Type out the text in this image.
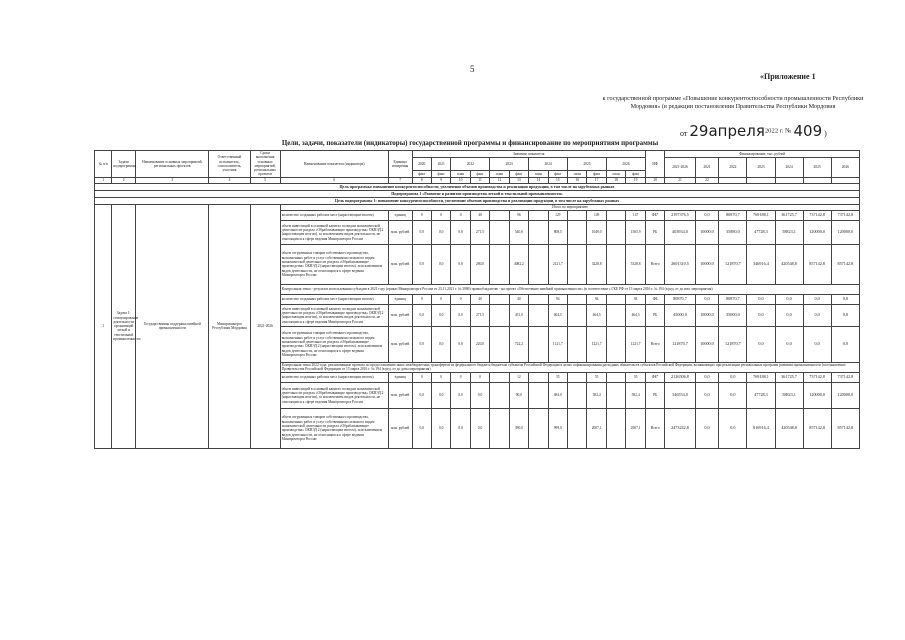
5
«Приложение 1
к государственной программе «Повышение конкурентоспособности промышленности Республики Мордовия» (в редакции постановления Правительства Республики Мордовия
от 29апреля$^{2022 г. №}$ 409 )
Цели, задачи, показатели (индикаторы) государственной программы и финансирование по мероприятиям программы
№ п/п	Задачи подпрограммы	Наименование основных мероприятий, региональных проектов	Ответственный исполнитель, соисполнитель, участник	Сроки выполнения основных мероприятий, региональных проектов	Наименование показателя (индикатора)	Единица измерения	Значение показателя												ИФ	Финансирование, тыс. рублей						
							2020	2021	2022		2023		2024		2025		2026			2021-2026	2021	2022	2023	2024	2025	2026
							факт	факт	план	факт	план	факт	план	факт	план	факт	план	факт								
1	2	3	4	5	6	7	8	9	10	11	12	13	14	15	16	17	18	19	20	21	22					
Цель программы: повышение конкурентоспособности, увеличение объемов производства и реализации продукции, в том числе на зарубежных рынках																										
Подпрограмма 1 «Развитие и развитие производства легкой и текстильной промышленности»																										
Цель подпрограммы 1: повышение конкурентоспособности, увеличение объемов производства и реализации продукции, в том числе на зарубежных рынках																										
1	Задача 1: стимулирование деятельности организаций легкой и текстильной промышленности	Государственная поддержка швейной промышленности	Минпромэнерго Республики Мордовия	2021-2026	Итого по мероприятию																					
					количество созданных рабочих мест (нарастающим итогом)	единиц	0	0	0	40		96		129		149		147	ФБ*	2197376,5	0,0	80870,7	769188,1	361725,7	737142,8	737142,8
					объем инвестиций в основной капитал по видам экономической деятельности раздела «Обрабатывающие производства» ОКВЭД 2 (нарастающим итогом), за исключением видов деятельности, не относящихся к сфере ведения Минпромторга России	млн. рублей	0,0	0,0	0,0	271,5		540,0		808,5		1049,0		1565,9	РБ	403934,0	10000,0	35880,0	47728,3	58823,1	120000,0	120000,0
					объем отгруженных товаров собственного производства, выполненных работ и услуг собственными силами по видам экономической деятельности раздела «Обрабатывающие производства» ОКВЭД 2 (нарастающим итогом), за исключением видов деятельности, не относящихся к сфере ведения Минпромторга России	млн. рублей	0,0	0,0	0,0	280,0		4082,2		2121,7		3228,8		5328,8	Всего	2601310,5	10000,0	121870,7	346916,4	420548,8	857142,8	857142,8
					Контрольная точка - результат использования субсидии в 2021 году (приказ Минпромторга России от 23.11.2021 г. № 3086) правообладателю - на проект «Обеспечение швейной промышленности» (в соответствии с ГКЕ РФ от 13 марта 2016 г. № 194 (в ред. от до изм. мероприятия)																					
					количество созданных рабочих мест (нарастающим итогом)	единиц	0	0	0	40		40		94		94		94	ФБ	80870,7	0,0	80870,7	0,0	0,0	0,0	0,0
					объем инвестиций в основной капитал по видам экономической деятельности раздела «Обрабатывающие производства» ОКВЭД 2 (нарастающим итогом), за исключением видов деятельности, не относящихся к сфере ведения Минпромторга России	млн. рублей	0,0	0,0	0,0	271,5		451,0		464,5		464,5		464,5	РБ	45000,0	10000,0	35000,0	0,0	0,0	0,0	0,0
					объем отгруженных товаров собственного производства, выполненных работ и услуг собственными силами по видам экономической деятельности раздела «Обрабатывающие производства» ОКВЭД 2 (нарастающим итогом), за исключением видов деятельности, не относящихся к сфере ведения Минпромторга России	млн. рублей	0,0	0,0	0,0	220,0		722,2		1121,7		1221,7		1221,7	Всего	121870,7	10000,0	121870,7	0,0	0,0	0,0	0,0
					Контрольная точка 2022 года: реализованные проекты по предоставлению иных межбюджетных трансфертов из федерального бюджета бюджетам субъектов Российской Федерации в целях софинансирования расходных обязательств субъектов Российской Федерации, возникающих при реализации региональных программ развития промышленности (постановление Правительства Российской Федерации от 15 марта 2016 г. № 194 (в ред. от до даты мероприятия)																					
					количество созданных рабочих мест (нарастающим итогом)	единиц	0	0	0	0		12		35		55		55	ФБ*	2126506,8	0,0	0,0	769188,1	361725,7	737142,8	737142,8
					объем инвестиций в основной капитал по видам экономической деятельности раздела «Обрабатывающие производства» ОКВЭД 2 (нарастающим итогом), за исключением видов деятельности, не относящихся к сфере ведения Минпромторга России	млн. рублей	0,0	0,0	0,0	0,0		90,0		484,0		582,4		582,4	РБ	346554,0	0,0	0,0	47728,3	58823,1	120000,0	120000,0
					объем отгруженных товаров собственного производства, выполненных работ и услуг собственными силами по видам экономической деятельности раздела «Обрабатывающие производства» ОКВЭД 2 (нарастающим итогом), за исключением видов деятельности, не относящихся к сфере ведения Минпромторга России	млн. рублей	0,0	0,0	0,0	0,0		390,0		999,0		2007,1		2007,1	Всего	2473242,8	0,0	0,0	816916,4	420548,8	857142,8	857142,8
